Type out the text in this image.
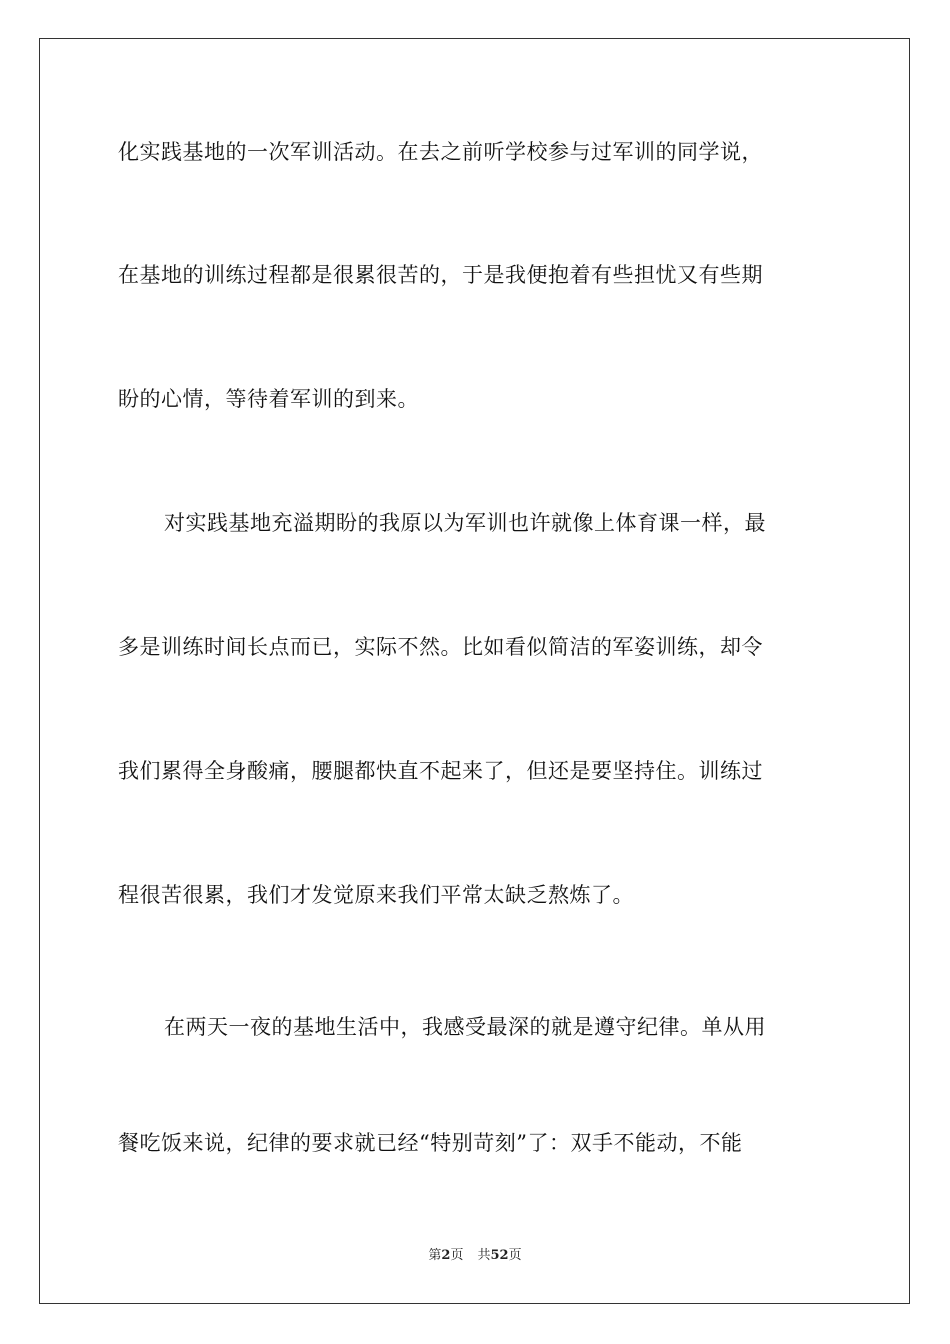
化实践基地的一次军训活动。在去之前听学校参与过军训的同学说，
在基地的训练过程都是很累很苦的，于是我便抱着有些担忧又有些期
盼的心情，等待着军训的到来。
对实践基地充溢期盼的我原以为军训也许就像上体育课一样，最
多是训练时间长点而已，实际不然。比如看似简洁的军姿训练，却令
我们累得全身酸痛，腰腿都快直不起来了，但还是要坚持住。训练过
程很苦很累，我们才发觉原来我们平常太缺乏熬炼了。
在两天一夜的基地生活中，我感受最深的就是遵守纪律。单从用
餐吃饭来说，纪律的要求就已经“特别苛刻”了：双手不能动，不能
第2页 共52页
